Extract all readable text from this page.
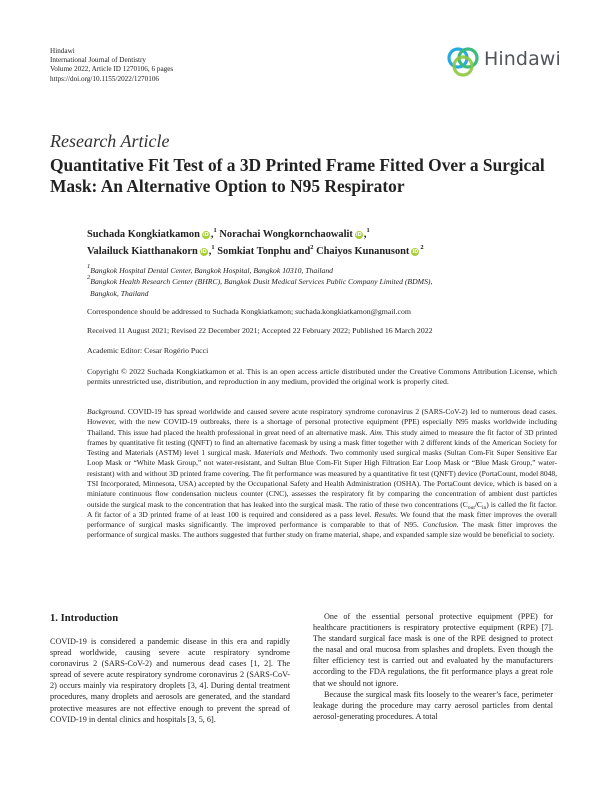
Hindawi
International Journal of Dentistry
Volume 2022, Article ID 1270106, 6 pages
https://doi.org/10.1155/2022/1270106
Hindawi
Research Article
Quantitative Fit Test of a 3D Printed Frame Fitted Over a Surgical Mask: An Alternative Option to N95 Respirator
Suchada Kongkiatkamon iD ,$^1$ Norachai Wongkornchaowalit iD ,$^1$
Valailuck Kiatthanakorn iD ,$^1$ Somkiat Tonphu and$^2$ Chaiyos Kunanusont $iD^2$
$^1$Bangkok Hospital Dental Center, Bangkok Hospital, Bangkok 10310, Thailand
$^2$Bangkok Health Research Center (BHRC), Bangkok Dusit Medical Services Public Company Limited (BDMS),
Bangkok, Thailand
Correspondence should be addressed to Suchada Kongkiatkamon; suchada.kongkiatkamon@gmail.com
Received 11 August 2021; Revised 22 December 2021; Accepted 22 February 2022; Published 16 March 2022
Academic Editor: Cesar Rogério Pucci
Copyright © 2022 Suchada Kongkiatkamon et al. This is an open access article distributed under the Creative Commons Attribution License, which permits unrestricted use, distribution, and reproduction in any medium, provided the original work is properly cited.
Background. COVID-19 has spread worldwide and caused severe acute respiratory syndrome coronavirus 2 (SARS-CoV-2) led to numerous dead cases. However, with the new COVID-19 outbreaks, there is a shortage of personal protective equipment (PPE) especially N95 masks worldwide including Thailand. This issue had placed the health professional in great need of an alternative mask. Aim. This study aimed to measure the fit factor of 3D printed frames by quantitative fit testing (QNFT) to find an alternative facemask by using a mask fitter together with 2 different kinds of the American Society for Testing and Materials (ASTM) level 1 surgical mask. Materials and Methods. Two commonly used surgical masks (Sultan Com-Fit Super Sensitive Ear Loop Mask or “White Mask Group,” not water-resistant, and Sultan Blue Com-Fit Super High Filtration Ear Loop Mask or “Blue Mask Group,” water-resistant) with and without 3D printed frame covering. The fit performance was measured by a quantitative fit test (QNFT) device (PortaCount, model 8048, TSI Incorporated, Minnesota, USA) accepted by the Occupational Safety and Health Administration (OSHA). The PortaCount device, which is based on a miniature continuous flow condensation nucleus counter (CNC), assesses the respiratory fit by comparing the concentration of ambient dust particles outside the surgical mask to the concentration that has leaked into the surgical mask. The ratio of these two concentrations $(C_{out}/C_{in})$ is called the fit factor. A fit factor of a 3D printed frame of at least 100 is required and considered as a pass level. Results. We found that the mask fitter improves the overall performance of surgical masks significantly. The improved performance is comparable to that of N95. Conclusion. The mask fitter improves the performance of surgical masks. The authors suggested that further study on frame material, shape, and expanded sample size would be beneficial to society.
1. Introduction

COVID-19 is considered a pandemic disease in this era and rapidly spread worldwide, causing severe acute respiratory syndrome coronavirus 2 (SARS-CoV-2) and numerous dead cases [1, 2]. The spread of severe acute respiratory syndrome coronavirus 2 (SARS-CoV-2) occurs mainly via respiratory droplets [3, 4]. During dental treatment procedures, many droplets and aerosols are generated, and the standard protective measures are not effective enough to prevent the spread of COVID-19 in dental clinics and hospitals [3, 5, 6].

One of the essential personal protective equipment (PPE) for healthcare practitioners is respiratory protective equipment (RPE) [7]. The standard surgical face mask is one of the RPE designed to protect the nasal and oral mucosa from splashes and droplets. Even though the filter efficiency test is carried out and evaluated by the manufacturers according to the FDA regulations, the fit performance plays a great role that we should not ignore.

Because the surgical mask fits loosely to the wearer’s face, perimeter leakage during the procedure may carry aerosol particles from dental aerosol-generating procedures. A total
